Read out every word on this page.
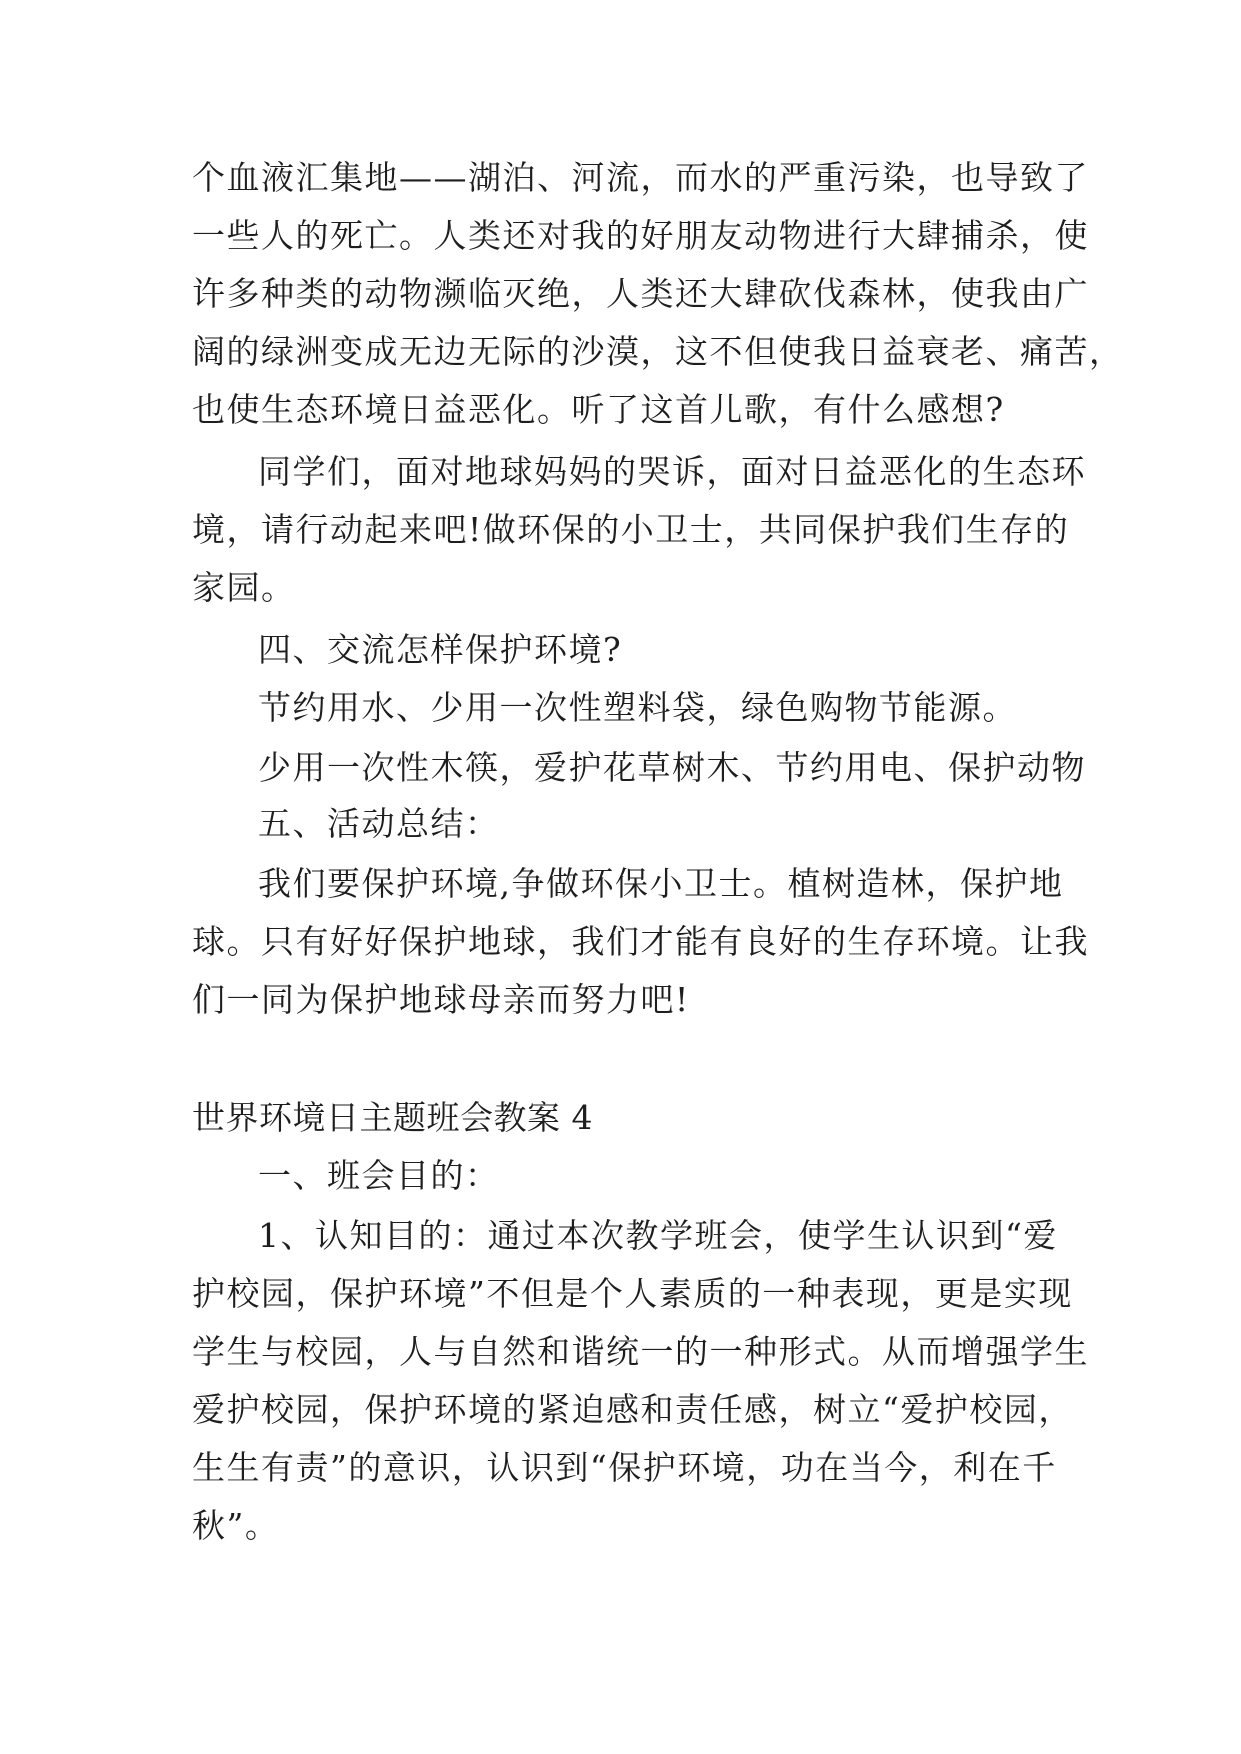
个血液汇集地——湖泊、河流，而水的严重污染，也导致了
一些人的死亡。人类还对我的好朋友动物进行大肆捕杀，使
许多种类的动物濒临灭绝，人类还大肆砍伐森林，使我由广
阔的绿洲变成无边无际的沙漠，这不但使我日益衰老、痛苦，
也使生态环境日益恶化。听了这首儿歌，有什么感想?
同学们，面对地球妈妈的哭诉，面对日益恶化的生态环
境，请行动起来吧!做环保的小卫士，共同保护我们生存的
家园。
四、交流怎样保护环境?
节约用水、少用一次性塑料袋，绿色购物节能源。
少用一次性木筷，爱护花草树木、节约用电、保护动物
五、活动总结：
我们要保护环境,争做环保小卫士。植树造林，保护地
球。只有好好保护地球，我们才能有良好的生存环境。让我
们一同为保护地球母亲而努力吧!
世界环境日主题班会教案 4
一、班会目的：
1、认知目的：通过本次教学班会，使学生认识到“爱
护校园，保护环境”不但是个人素质的一种表现，更是实现
学生与校园，人与自然和谐统一的一种形式。从而增强学生
爱护校园，保护环境的紧迫感和责任感，树立“爱护校园，
生生有责”的意识，认识到“保护环境，功在当今，利在千
秋”。
